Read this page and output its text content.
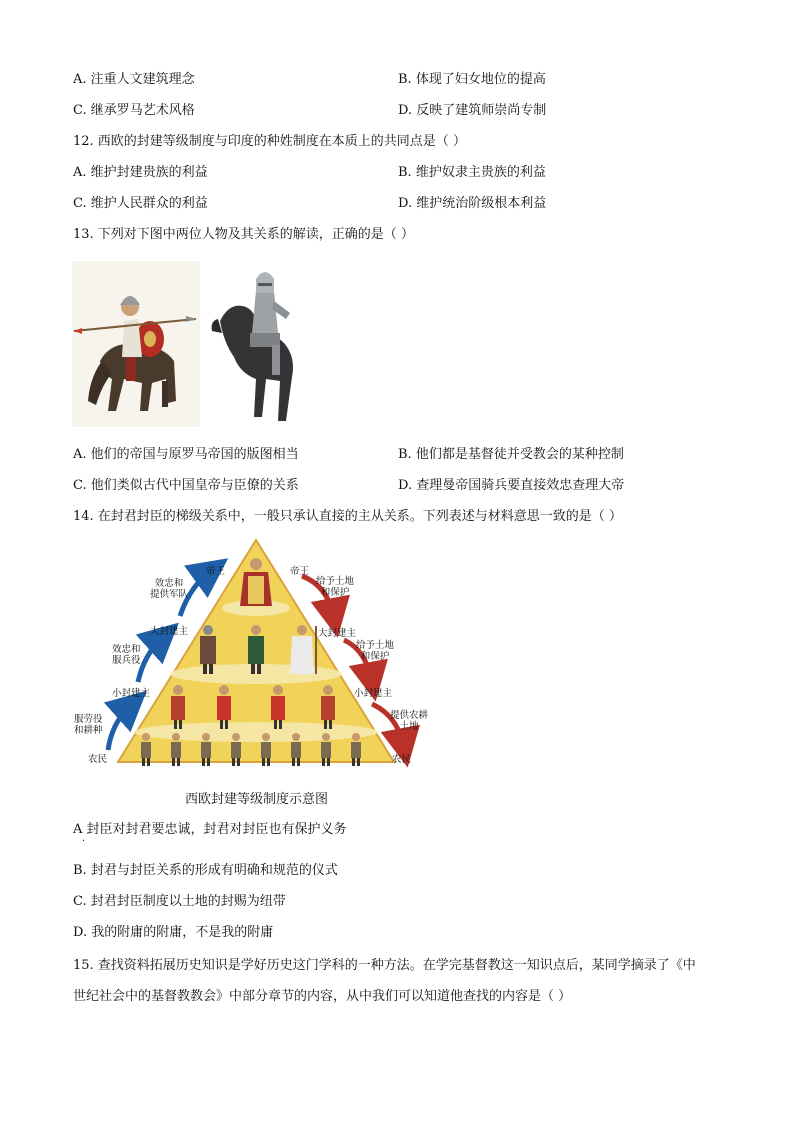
A. 注重人文建筑理念	B. 体现了妇女地位的提高
C. 继承罗马艺术风格	D. 反映了建筑师崇尚专制
12. 西欧的封建等级制度与印度的种姓制度在本质上的共同点是（ ）
A. 维护封建贵族的利益	B. 维护奴隶主贵族的利益
C. 维护人民群众的利益	D. 维护统治阶级根本利益
13. 下列对下图中两位人物及其关系的解读，正确的是（ ）
A. 他们的帝国与原罗马帝国的版图相当	B. 他们都是基督徒并受教会的某种控制
C. 他们类似古代中国皇帝与臣僚的关系	D. 查理曼帝国骑兵要直接效忠查理大帝
14. 在封君封臣的梯级关系中，一般只承认直接的主从关系。下列表述与材料意思一致的是（ ）
帝王	帝王
大封建主	大封建主
小封建主	小封建主
农民	农民
效忠和
提供军队
效忠和
服兵役
服劳役
和耕种
给予土地
和保护
给予土地
和保护
提供农耕
土地
西欧封建等级制度示意图
A 封臣对封君要忠诚，封君对封臣也有保护义务
·
B. 封君与封臣关系的形成有明确和规范的仪式
C. 封君封臣制度以土地的封赐为纽带
D. 我的附庸的附庸，不是我的附庸
15. 查找资料拓展历史知识是学好历史这门学科的一种方法。在学完基督教这一知识点后，某同学摘录了《中
世纪社会中的基督教教会》中部分章节的内容，从中我们可以知道他查找的内容是（ ）
